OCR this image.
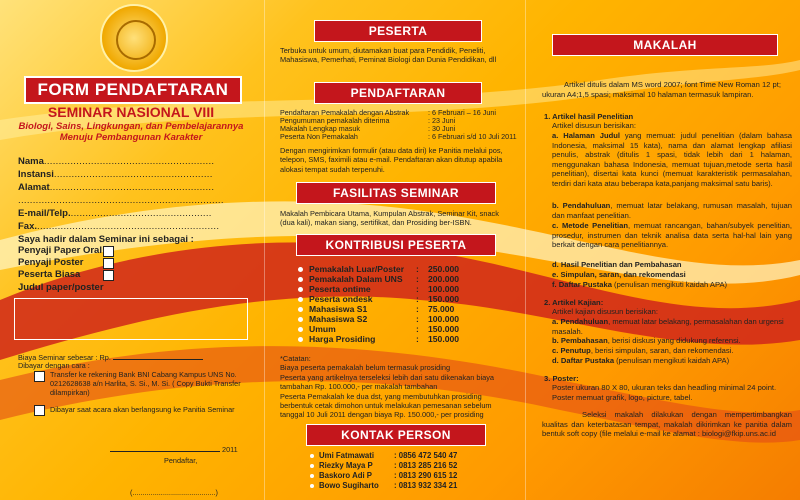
FORM PENDAFTARAN
SEMINAR NASIONAL VIII
Biologi, Sains, Lingkungan, dan Pembelajarannya
Menuju Pembangunan Karakter
Nama..........................................................
Instansi......................................................
Alamat........................................................
......................................................................
E-mail/Telp.................................................
Fax...............................................................
Saya hadir dalam Seminar ini sebagai :
Penyaji Paper Oral
Penyaji Poster
Peserta Biasa
Judul paper/poster
Biaya Seminar sebesar : Rp.
Dibayar dengan cara :
Transfer ke rekening Bank BNI Cabang Kampus UNS No.
0212628638 a/n Harlita, S. Si., M. Si. ( Copy Bukti Transfer
dilampirkan)
Dibayar saat acara akan berlangsung ke Panitia Seminar
2011
Pendaftar,
(.........................................)
PESERTA
Terbuka untuk umum, diutamakan buat para Pendidik, Peneliti, Mahasiswa, Pemerhati, Peminat Biologi dan Dunia Pendidikan, dll
PENDAFTARAN
Pendaftaran Pemakalah dengan Abstrak	: 6 Februari – 16 Juni
Pengumuman pemakalah diterima	: 23 Juni
Makalah Lengkap masuk	: 30 Juni
Peserta Non Pemakalah	: 6 Februari s/d 10 Juli 2011
Dengan mengirimkan formulir (atau data diri) ke Panitia melalui pos, telepon, SMS, faximili atau e-mail. Pendaftaran akan ditutup apabila alokasi tempat sudah terpenuhi.
FASILITAS SEMINAR
Makalah Pembicara Utama, Kumpulan Abstrak, Seminar Kit, snack (dua kali), makan siang, sertifikat, dan Prosiding ber-ISBN.
KONTRIBUSI PESERTA
Pemakalah Luar/Poster : 250.000
Pemakalah Dalam UNS : 200.000
Peserta ontime	: 100.000
Peserta ondesk	: 150.000
Mahasiswa S1	: 75.000
Mahasiswa S2	: 100.000
Umum	: 150.000
Harga Prosiding	: 150.000
*Catatan:
Biaya peserta pemakalah belum termasuk prosiding
Peserta yang artikelnya terseleksi lebih dari satu dikenakan biaya
tambahan Rp. 100.000,- per makalah tambahan
Peserta Pemakalah ke dua dst, yang membutuhkan prosiding
berbentuk cetak dimohon untuk melakukan pemesanan sebelum
tanggal 10 Juli 2011 dengan biaya Rp. 150.000,- per prosiding
KONTAK PERSON
Umi Fatmawati	: 0856 472 540 47
Riezky Maya P	: 0813 285 216 52
Baskoro Adi P	: 0813 290 615 12
Bowo Sugiharto : 0813 932 334 21
MAKALAH
Artikel ditulis dalam MS word 2007; font Time New Roman 12 pt; ukuran A4;1,5 spasi; maksimal 10 halaman termasuk lampiran.
1. Artikel hasil Penelitian
Artikel disusun berisikan:
a. Halaman Judul yang memuat: judul penelitian (dalam bahasa Indonesia, maksimal 15 kata), nama dan alamat lengkap afiliasi penulis, abstrak (ditulis 1 spasi, tidak lebih dari 1 halaman, menggunakan bahasa Indonesia, memuat tujuan,metode serta hasil penelitian), disertai kata kunci (memuat karakteristik permasalahan, terdiri dari kata atau beberapa kata,panjang maksimal satu baris).
b. Pendahuluan, memuat latar belakang, rumusan masalah, tujuan dan manfaat penelitian.
c. Metode Penelitian, memuat rancangan, bahan/subyek penelitian, prosedur, instrumen dan teknik analisa data serta hal-hal lain yang berkait dengan cara penelitiannya.
d. Hasil Penelitian dan Pembahasan
e. Simpulan, saran, dan rekomendasi
f. Daftar Pustaka (penulisan mengikuti kaidah APA)
2. Artikel Kajian:
Artikel kajian disusun berisikan:
a. Pendahuluan, memuat latar belakang, permasalahan dan urgensi masalah.
b. Pembahasan, berisi diskusi yang didukung referensi.
c. Penutup, berisi simpulan, saran, dan rekomendasi.
d. Daftar Pustaka (penulisan mengikuti kaidah APA)
3. Poster:
Poster ukuran 80 X 80, ukuran teks dan headling minimal 24 point. Poster memuat grafik, logo, picture, tabel.
Seleksi makalah dilakukan dengan mempertimbangkan kualitas dan keterbatasan tempat, makalah dikirimkan ke panitia dalam bentuk soft copy (file melalui e-mail ke alamat : biologi@fkip.uns.ac.id
